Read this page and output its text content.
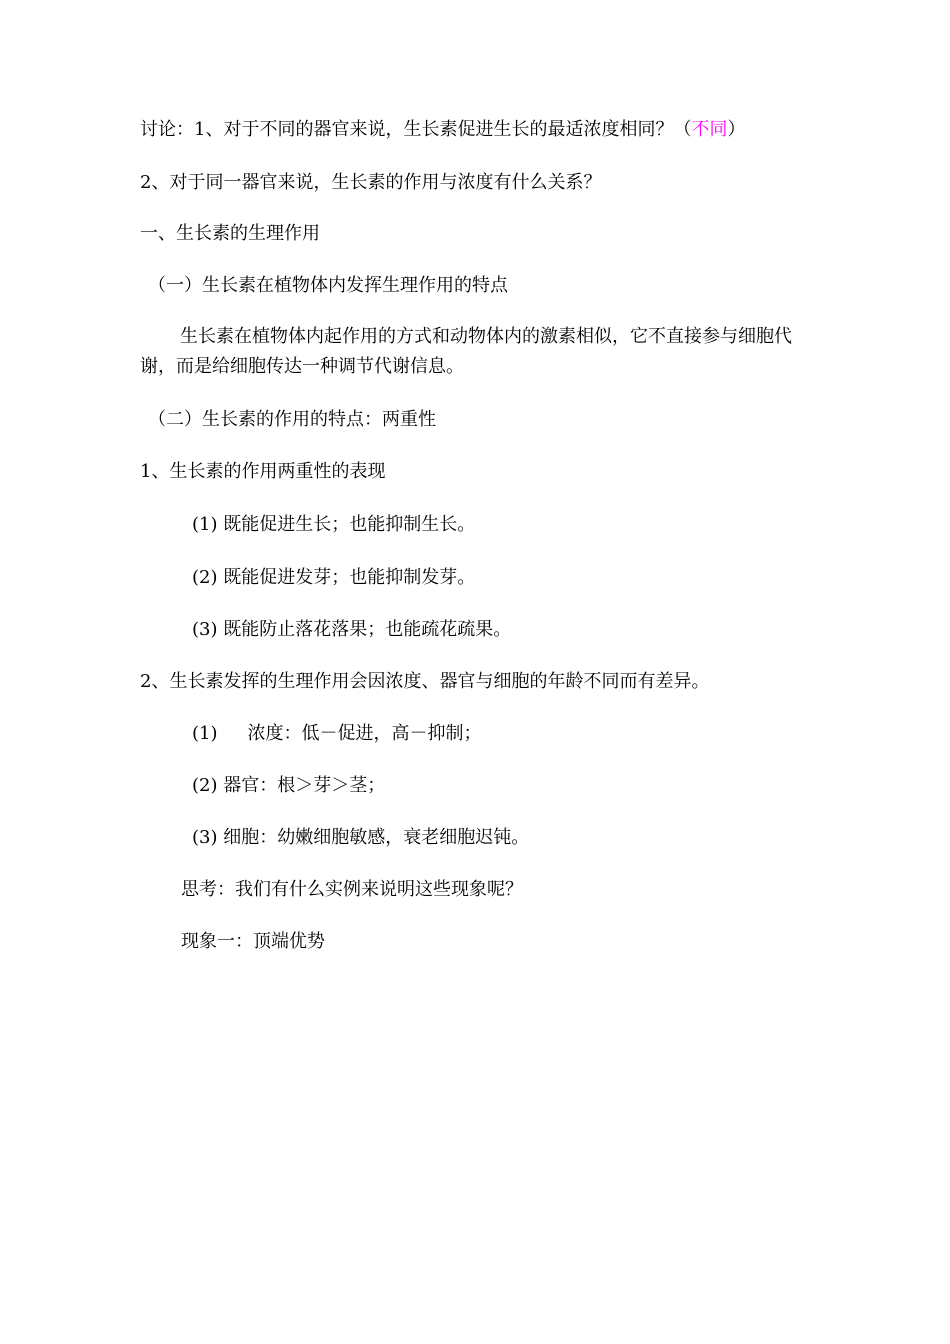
讨论：1、对于不同的器官来说，生长素促进生长的最适浓度相同？（不同）
2、对于同一器官来说，生长素的作用与浓度有什么关系？
一、生长素的生理作用
（一）生长素在植物体内发挥生理作用的特点
生长素在植物体内起作用的方式和动物体内的激素相似，它不直接参与细胞代谢，而是给细胞传达一种调节代谢信息。
（二）生长素的作用的特点：两重性
1、生长素的作用两重性的表现
(1) 既能促进生长；也能抑制生长。
(2) 既能促进发芽；也能抑制发芽。
(3) 既能防止落花落果；也能疏花疏果。
2、生长素发挥的生理作用会因浓度、器官与细胞的年龄不同而有差异。
(1) 浓度：低－促进，高－抑制；
(2) 器官：根＞芽＞茎；
(3) 细胞：幼嫩细胞敏感，衰老细胞迟钝。
思考：我们有什么实例来说明这些现象呢？
现象一：顶端优势
